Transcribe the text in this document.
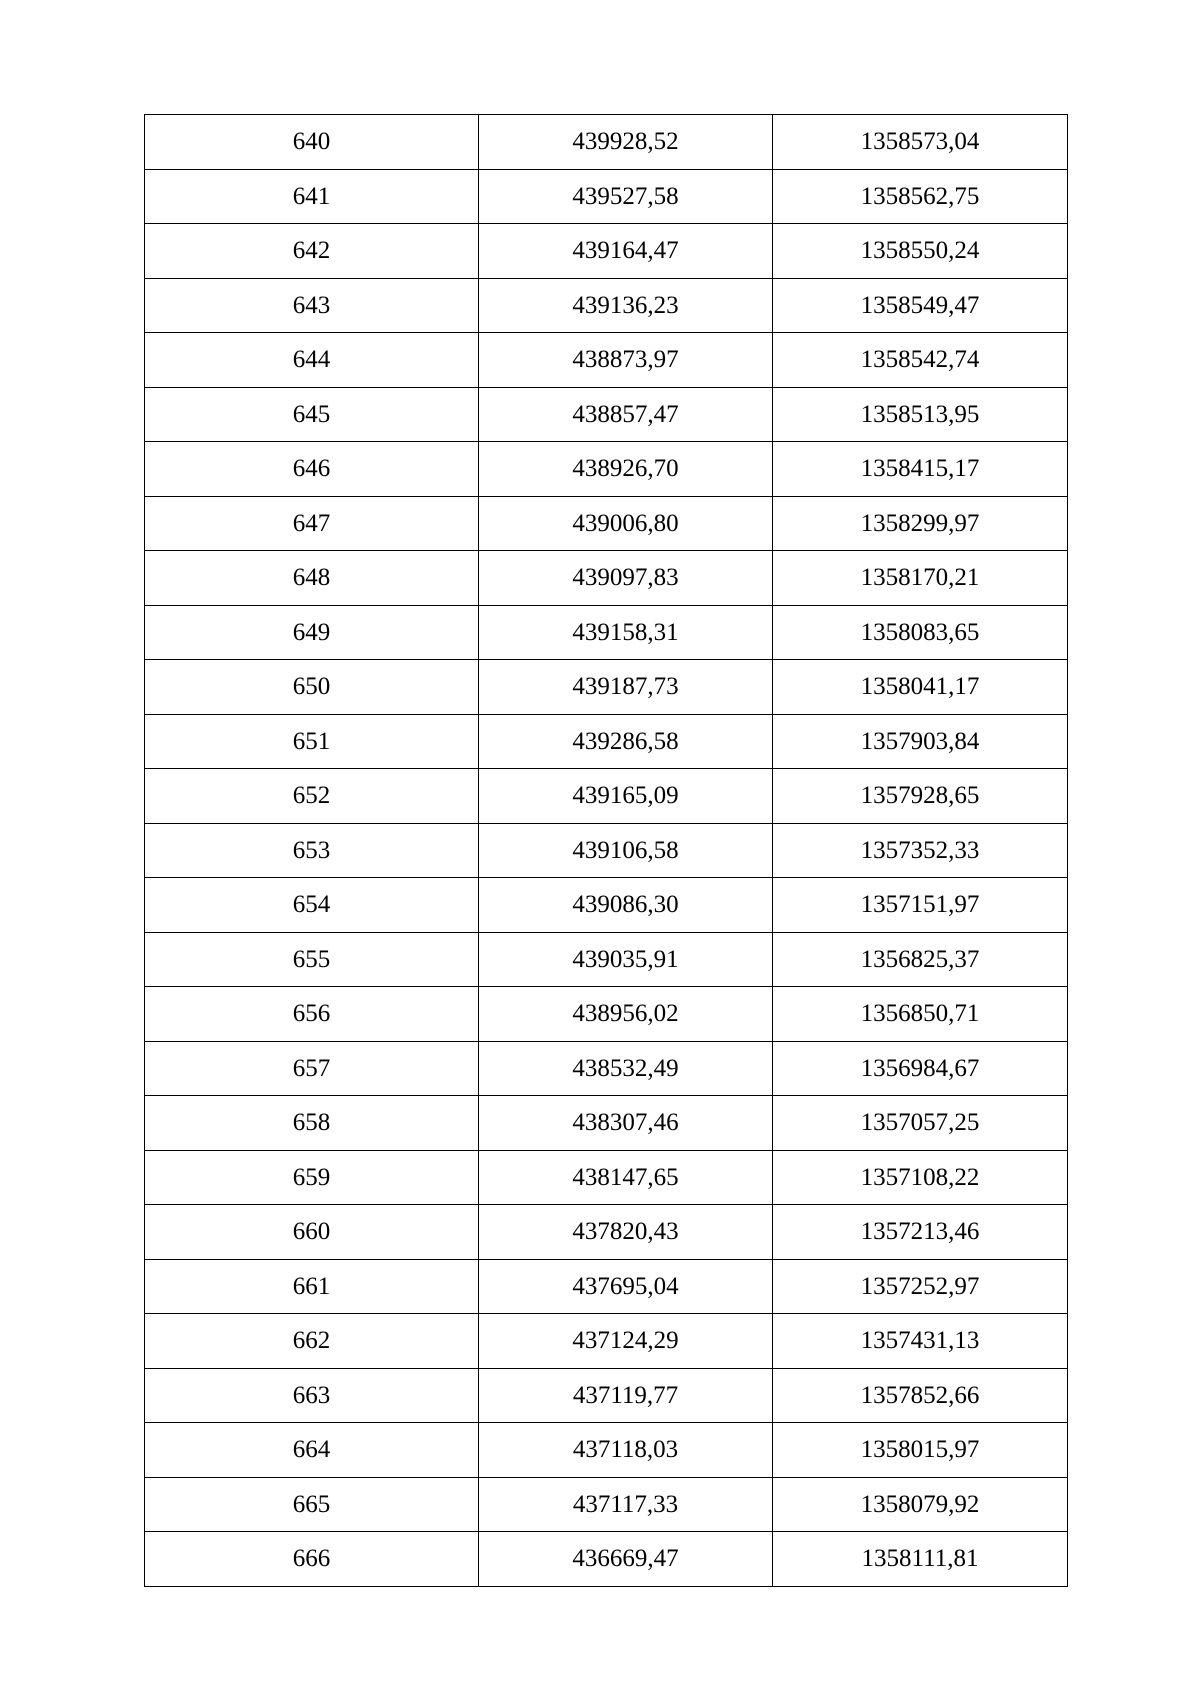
640	439928,52	1358573,04
641	439527,58	1358562,75
642	439164,47	1358550,24
643	439136,23	1358549,47
644	438873,97	1358542,74
645	438857,47	1358513,95
646	438926,70	1358415,17
647	439006,80	1358299,97
648	439097,83	1358170,21
649	439158,31	1358083,65
650	439187,73	1358041,17
651	439286,58	1357903,84
652	439165,09	1357928,65
653	439106,58	1357352,33
654	439086,30	1357151,97
655	439035,91	1356825,37
656	438956,02	1356850,71
657	438532,49	1356984,67
658	438307,46	1357057,25
659	438147,65	1357108,22
660	437820,43	1357213,46
661	437695,04	1357252,97
662	437124,29	1357431,13
663	437119,77	1357852,66
664	437118,03	1358015,97
665	437117,33	1358079,92
666	436669,47	1358111,81
